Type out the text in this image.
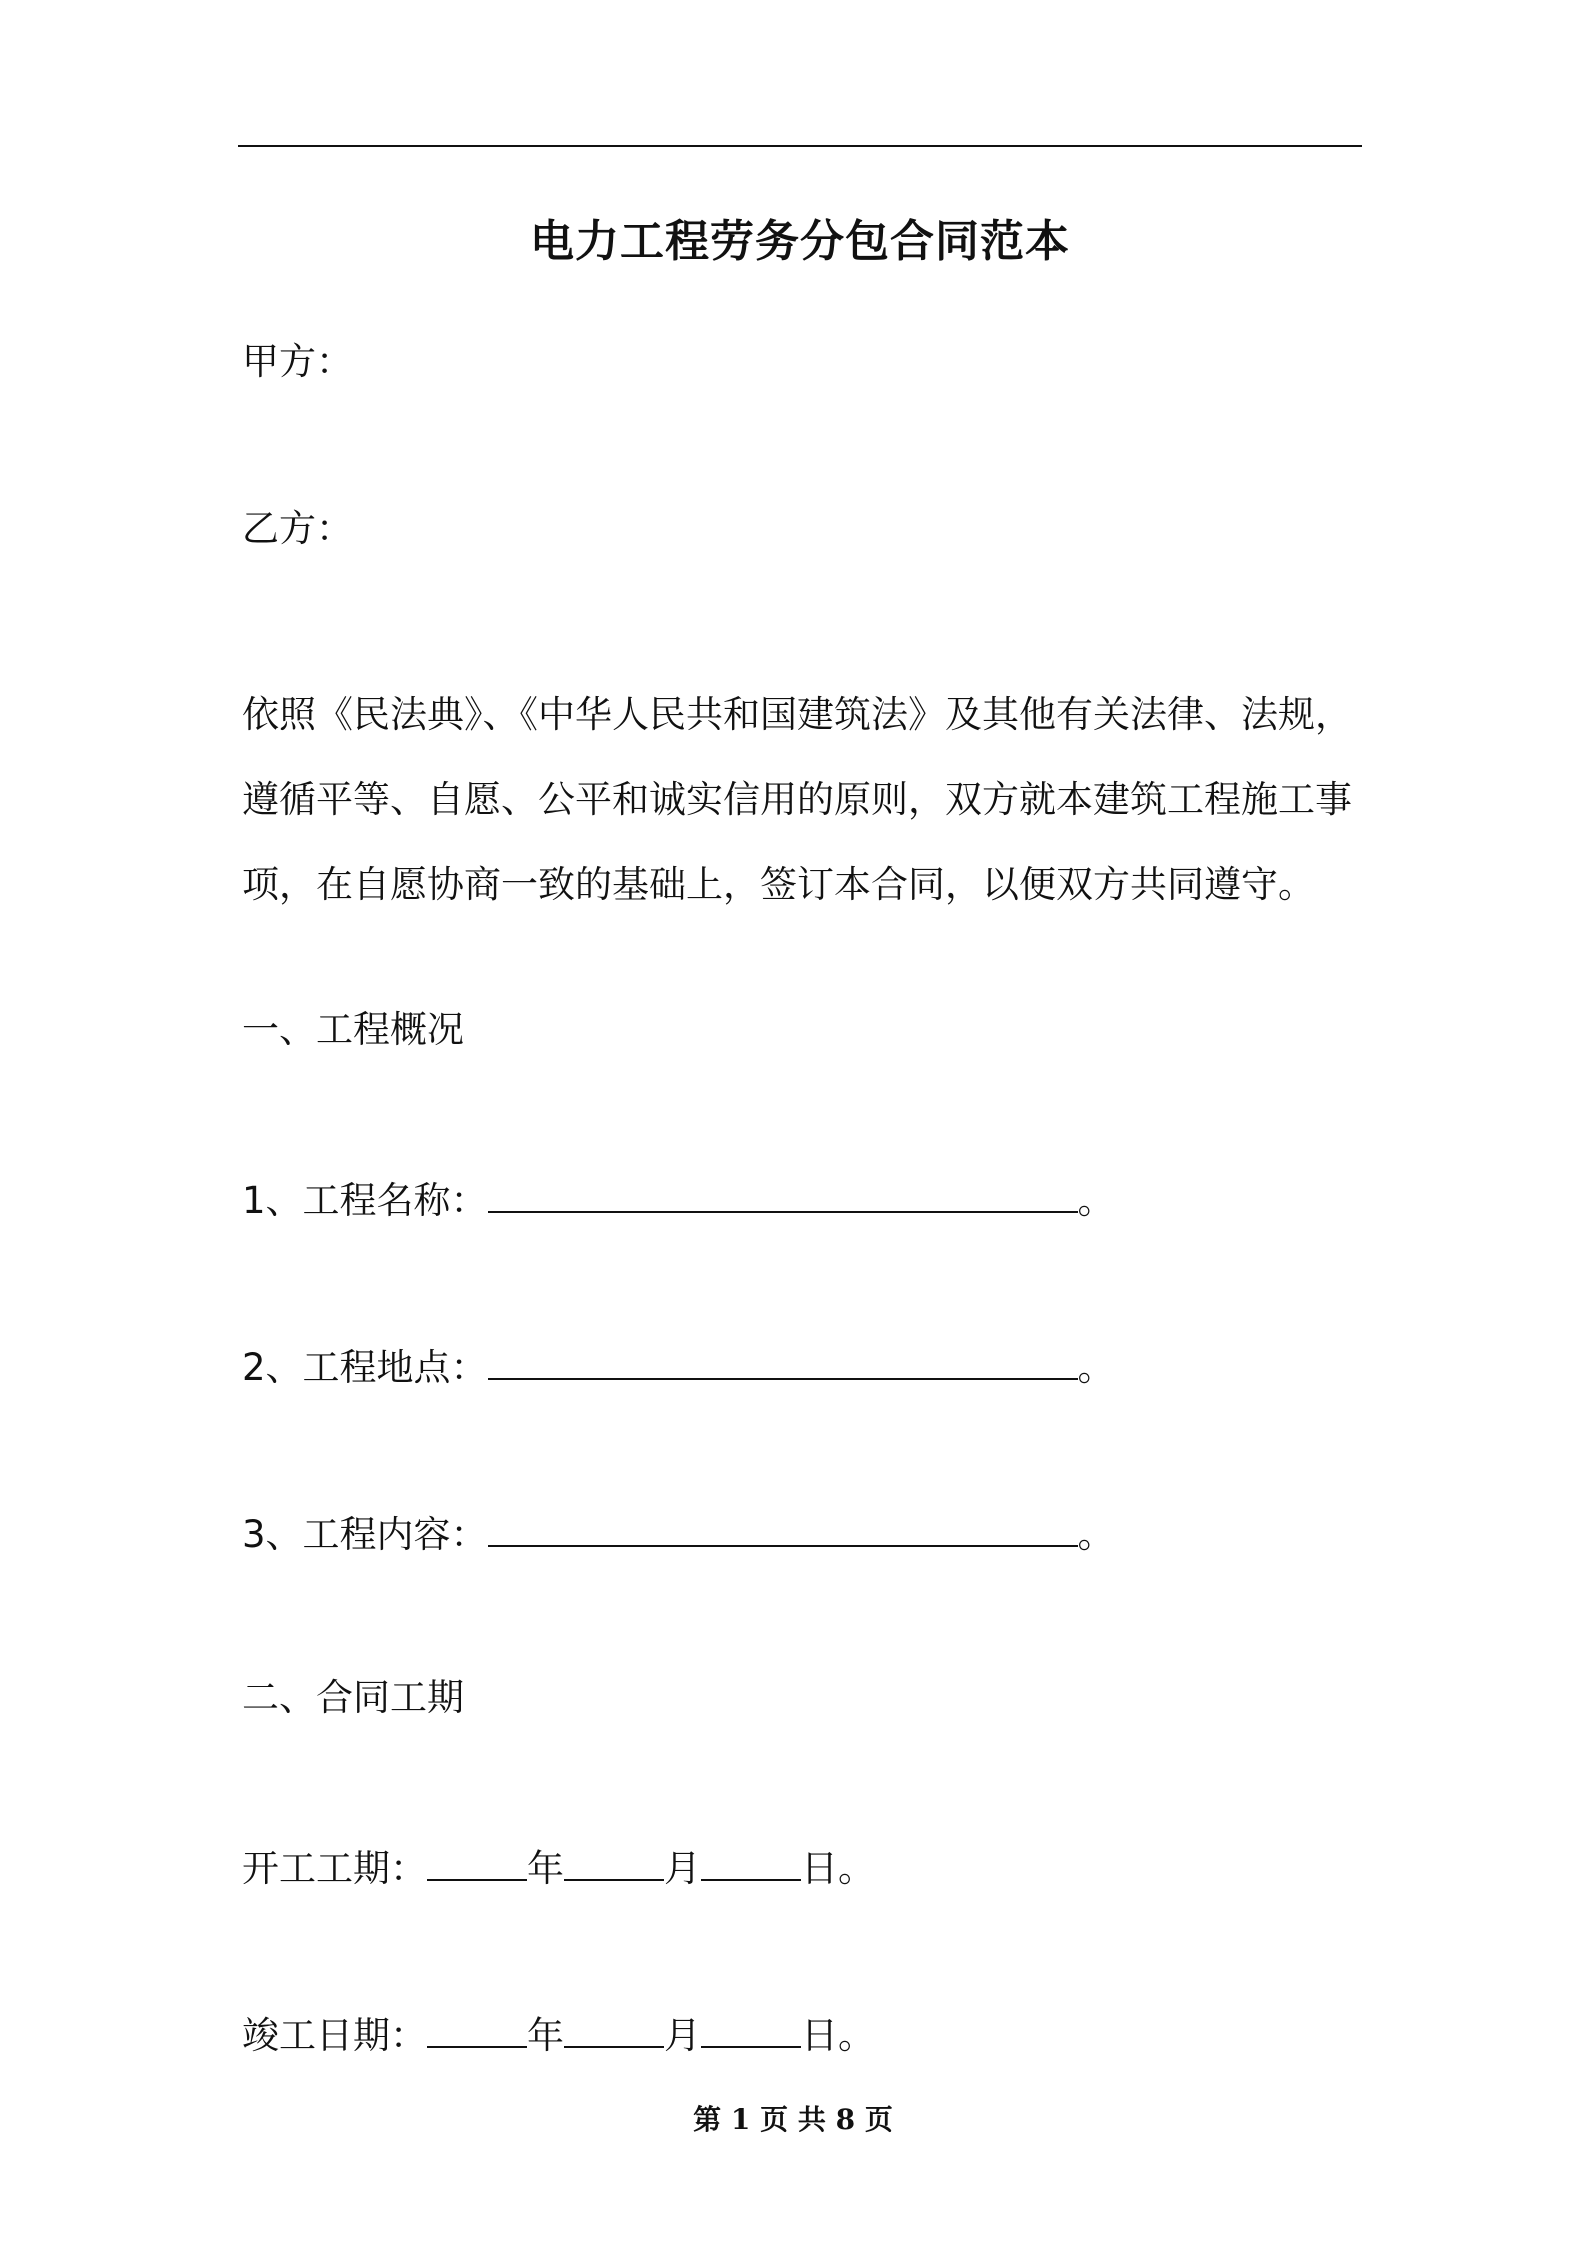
电力工程劳务分包合同范本
甲方：
乙方：
依照《民法典》、《中华人民共和国建筑法》及其他有关法律、法规，
遵循平等、自愿、公平和诚实信用的原则，双方就本建筑工程施工事
项，在自愿协商一致的基础上，签订本合同，以便双方共同遵守。
一、工程概况
1、工程名称：	。
2、工程地点：	。
3、工程内容：	。
二、合同工期
开工工期：	年	月	日。
竣工日期：	年	月	日。
第 1 页 共 8 页
